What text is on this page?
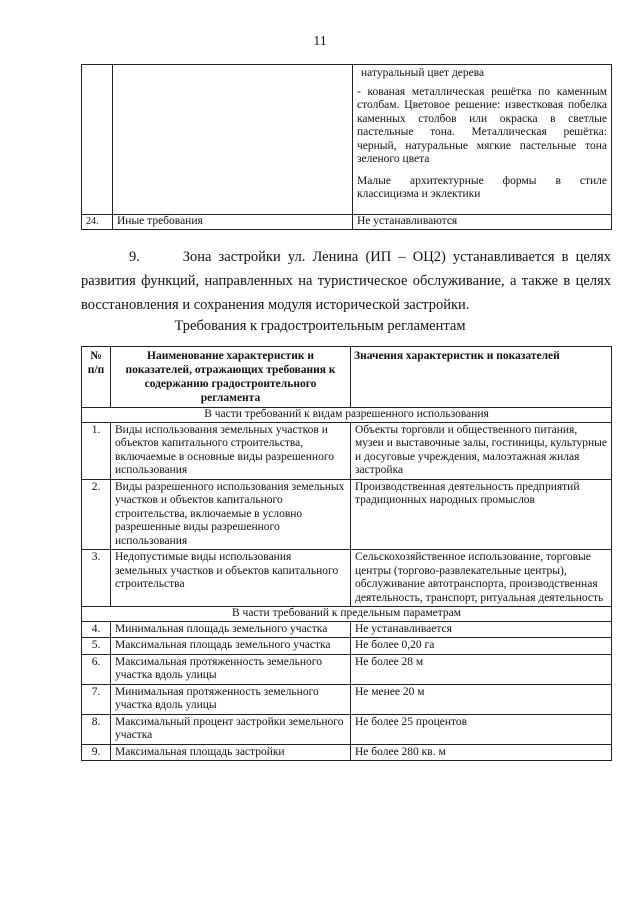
11

		натуральный цвет дерева

- кованая металлическая решётка по каменным столбам. Цветовое решение: известковая побелка каменных столбов или окраска в светлые пастельные тона. Металлическая решётка: черный, натуральные мягкие пастельные тона зеленого цвета

Малые архитектурные формы в стиле классицизма и эклектики

24.	Иные требования	Не устанавливаются

9.	Зона застройки ул. Ленина (ИП – ОЦ2) устанавливается в целях развития функций, направленных на туристическое обслуживание, а также в целях восстановления и сохранения модуля исторической застройки.

Требования к градостроительным регламентам

№ п/п	Наименование характеристик и показателей, отражающих требования к содержанию градостроительного регламента	Значения характеристик и показателей
В части требований к видам разрешенного использования		
1.	Виды использования земельных участков и объектов капитального строительства, включаемые в основные виды разрешенного использования	Объекты торговли и общественного питания, музеи и выставочные залы, гостиницы, культурные и досуговые учреждения, малоэтажная жилая застройка
2.	Виды разрешенного использования земельных участков и объектов капитального строительства, включаемые в условно разрешенные виды разрешенного использования	Производственная деятельность предприятий традиционных народных промыслов
3.	Недопустимые виды использования земельных участков и объектов капитального строительства	Сельскохозяйственное использование, торговые центры (торгово-развлекательные центры), обслуживание автотранспорта, производственная деятельность, транспорт, ритуальная деятельность
В части требований к предельным параметрам		
4.	Минимальная площадь земельного участка	Не устанавливается
5.	Максимальная площадь земельного участка	Не более 0,20 га
6.	Максимальная протяженность земельного участка вдоль улицы	Не более 28 м
7.	Минимальная протяженность земельного участка вдоль улицы	Не менее 20 м
8.	Максимальный процент застройки земельного участка	Не более 25 процентов
9.	Максимальная площадь застройки	Не более 280 кв. м
